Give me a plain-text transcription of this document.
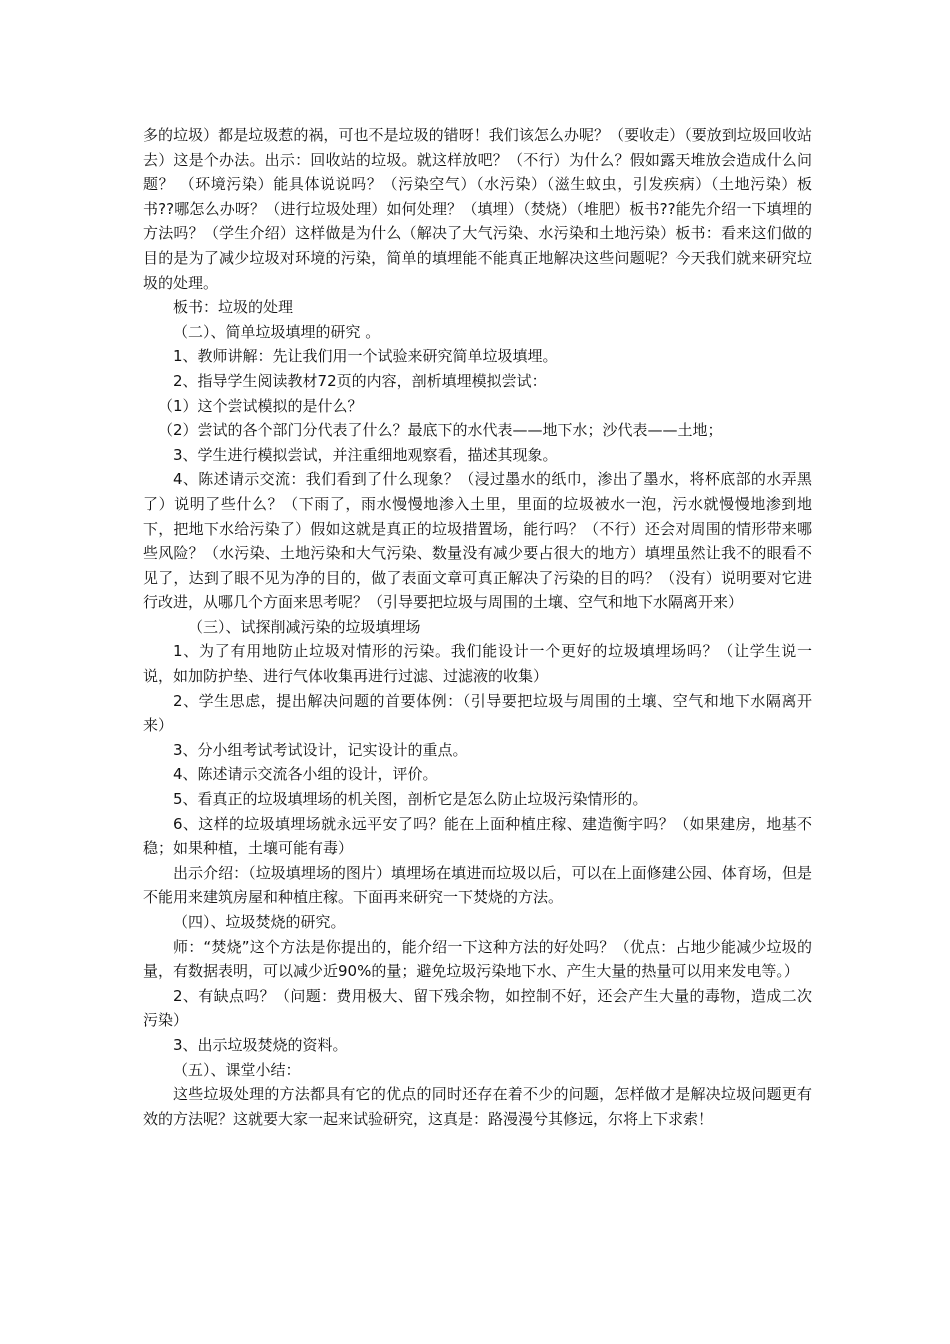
多的垃圾）都是垃圾惹的祸，可也不是垃圾的错呀！我们该怎么办呢？（要收走）（要放到垃圾回收站去）这是个办法。出示：回收站的垃圾。就这样放吧？（不行）为什么？假如露天堆放会造成什么问题？ （环境污染）能具体说说吗？（污染空气）（水污染）（滋生蚊虫，引发疾病）（土地污染）板书??哪怎么办呀？（进行垃圾处理）如何处理？（填埋）（焚烧）（堆肥）板书??能先介绍一下填埋的方法吗？（学生介绍）这样做是为什么（解决了大气污染、水污染和土地污染）板书：看来这们做的目的是为了减少垃圾对环境的污染，简单的填埋能不能真正地解决这些问题呢？今天我们就来研究垃圾的处理。

板书：垃圾的处理

（二）、简单垃圾填埋的研究 。

1、教师讲解：先让我们用一个试验来研究简单垃圾填埋。

2、指导学生阅读教材72页的内容，剖析填埋模拟尝试：

（1）这个尝试模拟的是什么？

（2）尝试的各个部门分代表了什么？最底下的水代表——地下水；沙代表——土地；

3、学生进行模拟尝试，并注重细地观察看，描述其现象。

4、陈述请示交流：我们看到了什么现象？（浸过墨水的纸巾，渗出了墨水，将杯底部的水弄黑了）说明了些什么？（下雨了，雨水慢慢地渗入土里，里面的垃圾被水一泡，污水就慢慢地渗到地下，把地下水给污染了）假如这就是真正的垃圾措置场，能行吗？（不行）还会对周围的情形带来哪些风险？（水污染、土地污染和大气污染、数量没有减少要占很大的地方）填埋虽然让我不的眼看不见了，达到了眼不见为净的目的，做了表面文章可真正解决了污染的目的吗？（没有）说明要对它进行改进，从哪几个方面来思考呢？（引导要把垃圾与周围的土壤、空气和地下水隔离开来）

（三）、试探削减污染的垃圾填埋场

1、为了有用地防止垃圾对情形的污染。我们能设计一个更好的垃圾填埋场吗？（让学生说一说，如加防护垫、进行气体收集再进行过滤、过滤液的收集）

2、学生思虑，提出解决问题的首要体例：（引导要把垃圾与周围的土壤、空气和地下水隔离开来）

3、分小组考试考试设计，记实设计的重点。

4、陈述请示交流各小组的设计，评价。

5、看真正的垃圾填埋场的机关图，剖析它是怎么防止垃圾污染情形的。

6、这样的垃圾填埋场就永远平安了吗？能在上面种植庄稼、建造衡宇吗？（如果建房，地基不稳；如果种植，土壤可能有毒）

出示介绍：（垃圾填埋场的图片）填埋场在填进而垃圾以后，可以在上面修建公园、体育场，但是不能用来建筑房屋和种植庄稼。下面再来研究一下焚烧的方法。

（四）、垃圾焚烧的研究。

师：“焚烧”这个方法是你提出的，能介绍一下这种方法的好处吗？（优点：占地少能减少垃圾的量，有数据表明，可以减少近90%的量；避免垃圾污染地下水、产生大量的热量可以用来发电等。）

2、有缺点吗？（问题：费用极大、留下残余物，如控制不好，还会产生大量的毒物，造成二次污染）

3、出示垃圾焚烧的资料。

（五）、课堂小结：

这些垃圾处理的方法都具有它的优点的同时还存在着不少的问题，怎样做才是解决垃圾问题更有效的方法呢？这就要大家一起来试验研究，这真是：路漫漫兮其修远，尔将上下求索！
